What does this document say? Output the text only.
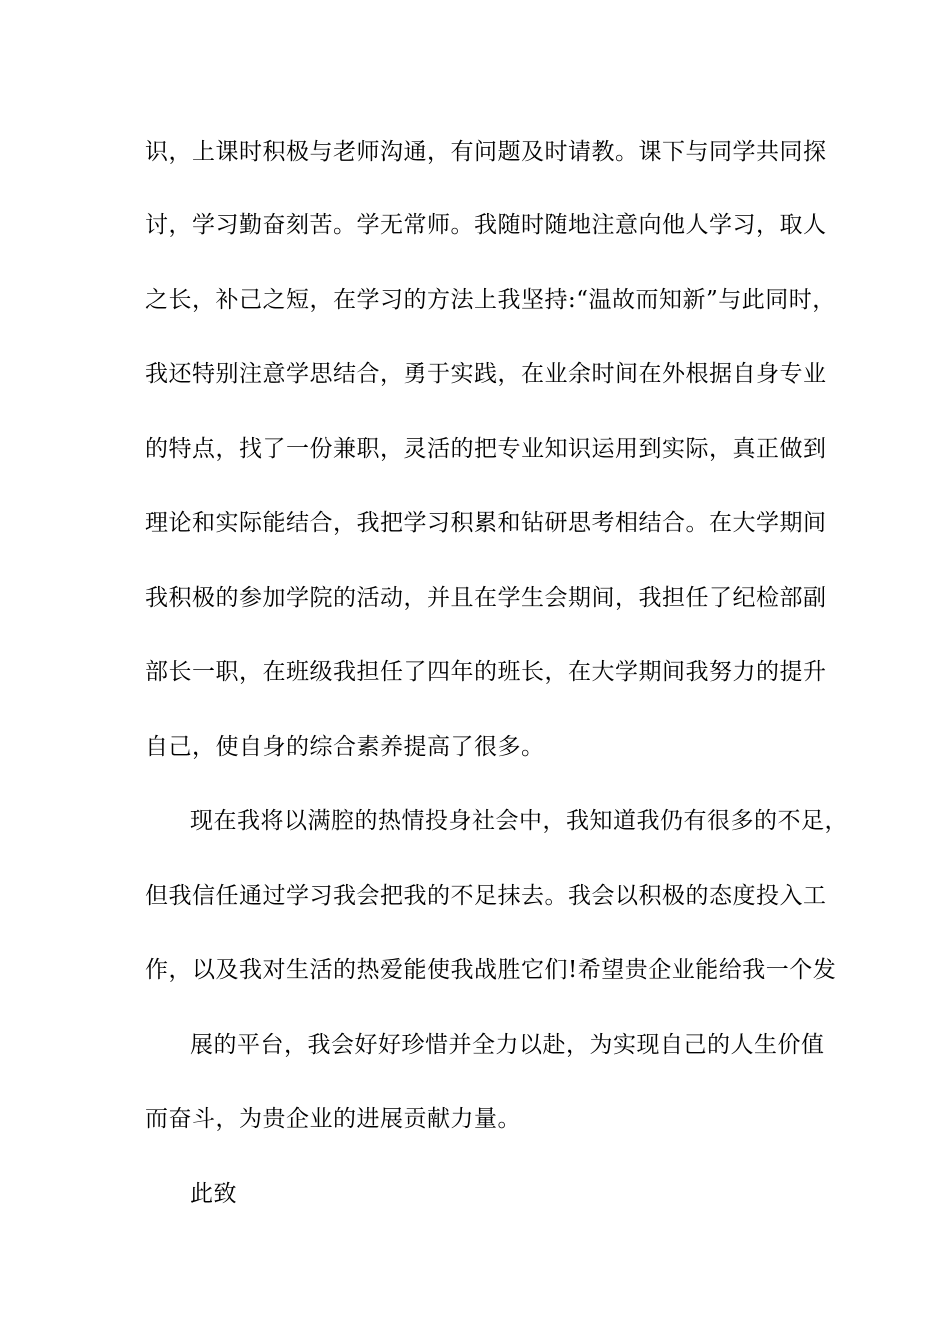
识，上课时积极与老师沟通，有问题及时请教。课下与同学共同探
讨，学习勤奋刻苦。学无常师。我随时随地注意向他人学习，取人
之长，补己之短，在学习的方法上我坚持:“温故而知新”与此同时，
我还特别注意学思结合，勇于实践，在业余时间在外根据自身专业
的特点，找了一份兼职，灵活的把专业知识运用到实际，真正做到
理论和实际能结合，我把学习积累和钻研思考相结合。在大学期间
我积极的参加学院的活动，并且在学生会期间，我担任了纪检部副
部长一职，在班级我担任了四年的班长，在大学期间我努力的提升
自己，使自身的综合素养提高了很多。
现在我将以满腔的热情投身社会中，我知道我仍有很多的不足，
但我信任通过学习我会把我的不足抹去。我会以积极的态度投入工
作，以及我对生活的热爱能使我战胜它们!希望贵企业能给我一个发
展的平台，我会好好珍惜并全力以赴，为实现自己的人生价值
而奋斗，为贵企业的进展贡献力量。
此致
